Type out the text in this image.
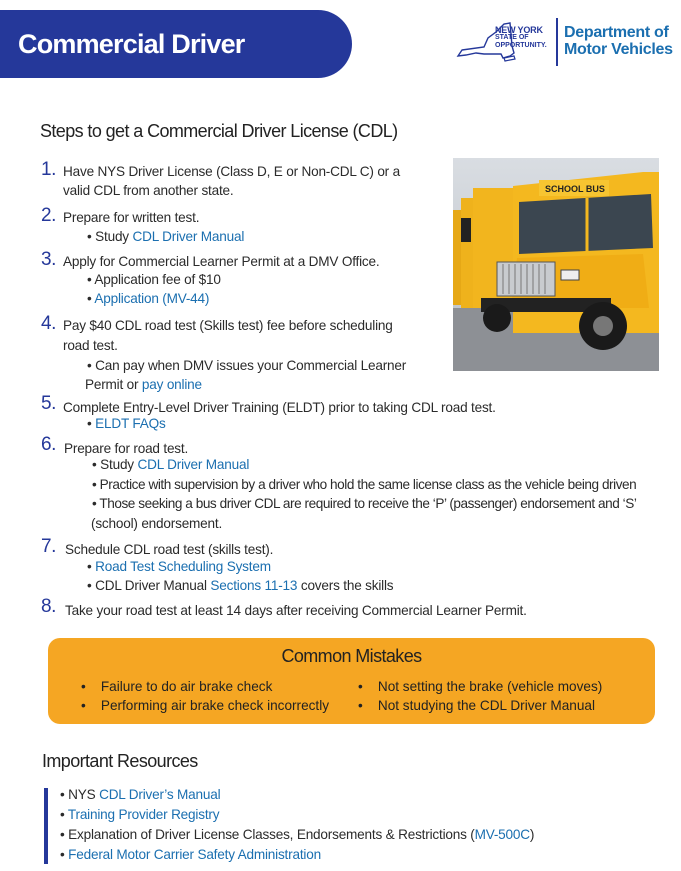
Commercial Driver Resources
NEW YORK
STATE OF
OPPORTUNITY.
Department of
Motor Vehicles
Steps to get a Commercial Driver License (CDL)
SCHOOL BUS
1. Have NYS Driver License (Class D, E or Non-CDL C) or a
valid CDL from another state.
2. Prepare for written test.
• Study CDL Driver Manual
3. Apply for Commercial Learner Permit at a DMV Office.
• Application fee of $10
• Application (MV-44)
4. Pay $40 CDL road test (Skills test) fee before scheduling
road test.
• Can pay when DMV issues your Commercial Learner
Permit or pay online
5. Complete Entry-Level Driver Training (ELDT) prior to taking CDL road test.
• ELDT FAQs
6. Prepare for road test.
• Study CDL Driver Manual
• Practice with supervision by a driver who hold the same license class as the vehicle being driven
• Those seeking a bus driver CDL are required to receive the ‘P’ (passenger) endorsement and ‘S’
(school) endorsement.
7. Schedule CDL road test (skills test).
• Road Test Scheduling System
• CDL Driver Manual Sections 11-13 covers the skills
8. Take your road test at least 14 days after receiving Commercial Learner Permit.
Common Mistakes
•    Failure to do air brake check
•    Performing air brake check incorrectly
•    Not setting the brake (vehicle moves)
•    Not studying the CDL Driver Manual
Important Resources
• NYS CDL Driver’s Manual
• Training Provider Registry
• Explanation of Driver License Classes, Endorsements & Restrictions (MV-500C)
• Federal Motor Carrier Safety Administration
